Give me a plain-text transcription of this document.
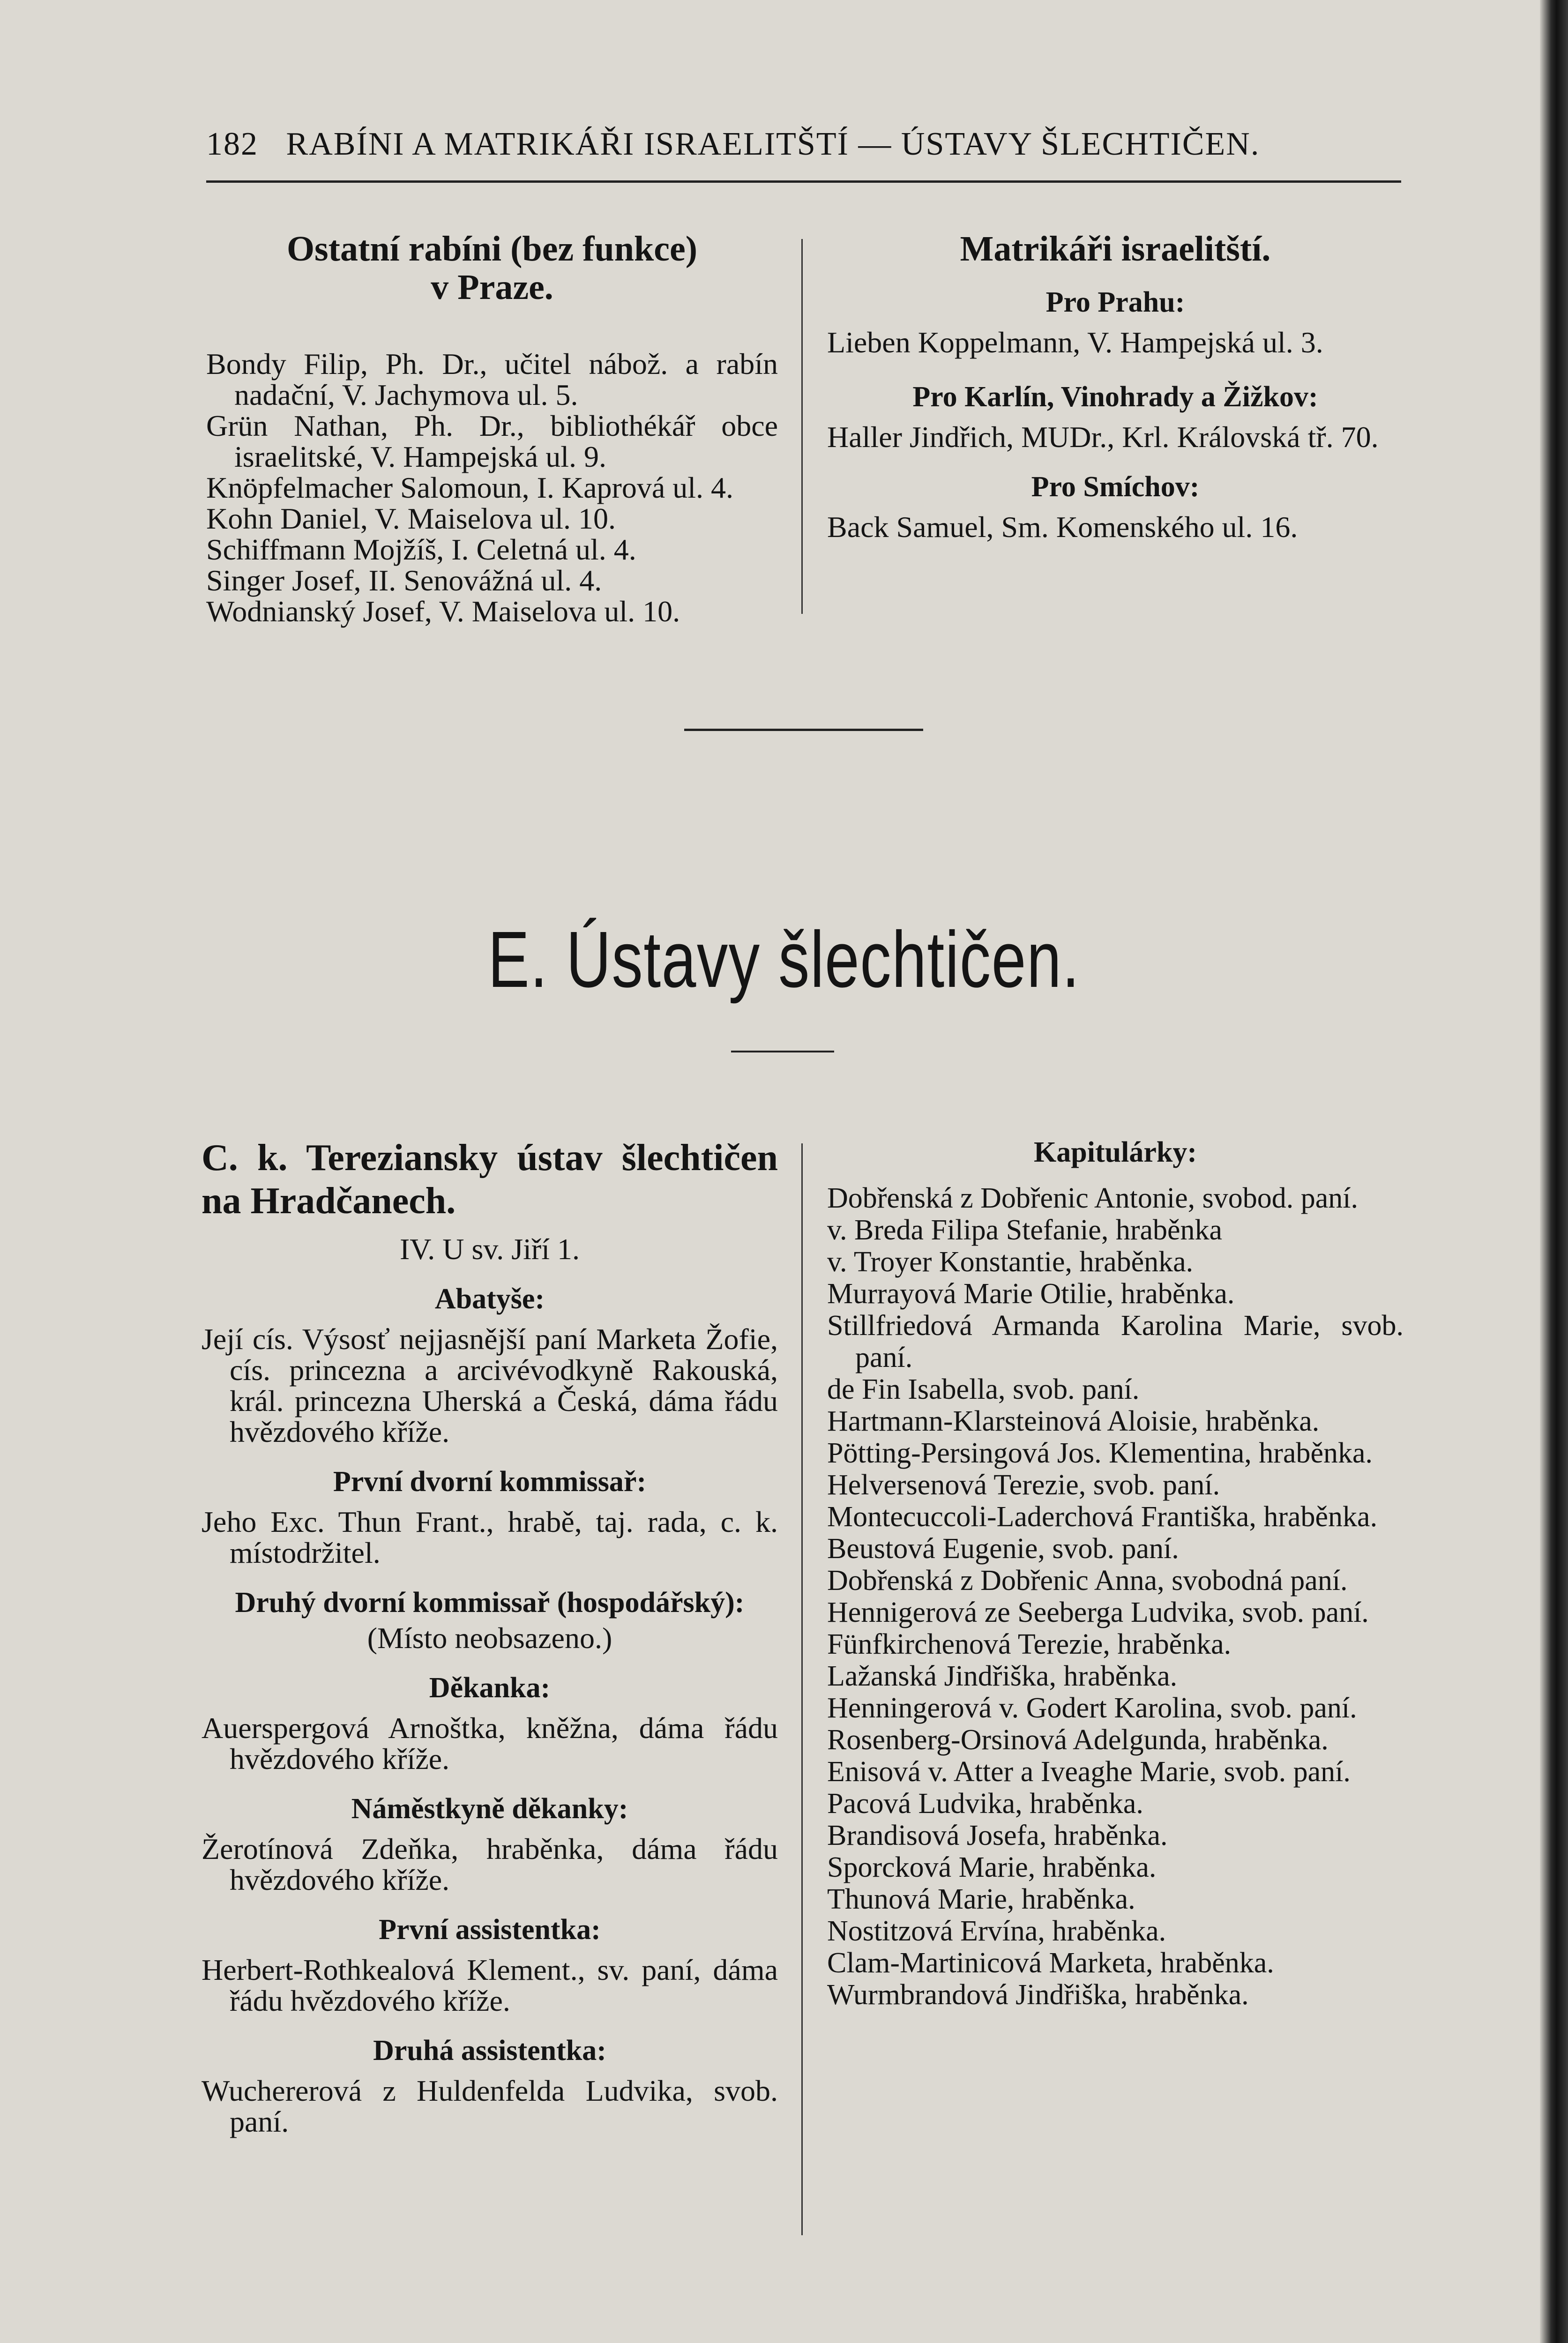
182 RABÍNI A MATRIKÁŘI ISRAELITŠTÍ — ÚSTAVY ŠLECHTIČEN.

Ostatní rabíni (bez funkce)

v Praze.

Bondy Filip, Ph. Dr., učitel nábož. a rabín nadační, V. Jachymova ul. 5.

Grün Nathan, Ph. Dr., bibliothékář obce israelitské, V. Hampejská ul. 9.

Knöpfelmacher Salomoun, I. Kaprová ul. 4.

Kohn Daniel, V. Maiselova ul. 10.

Schiffmann Mojžíš, I. Celetná ul. 4.

Singer Josef, II. Senovážná ul. 4.

Wodnianský Josef, V. Maiselova ul. 10.

Matrikáři israelitští.

Pro Prahu:

Lieben Koppelmann, V. Hampejská ul. 3.

Pro Karlín, Vinohrady a Žižkov:

Haller Jindřich, MUDr., Krl. Královská tř. 70.

Pro Smíchov:

Back Samuel, Sm. Komenského ul. 16.

E. Ústavy šlechtičen.

C. k. Tereziansky ústav šlechtičen na Hradčanech.

IV. U sv. Jiří 1.

Abatyše:

Její cís. Výsosť nejjasnější paní Marketa Žofie, cís. princezna a arcivévodkyně Rakouská, král. princezna Uherská a Česká, dáma řádu hvězdového kříže.

První dvorní kommissař:

Jeho Exc. Thun Frant., hrabě, taj. rada, c. k. místodržitel.

Druhý dvorní kommissař (hospodářský):

(Místo neobsazeno.)

Děkanka:

Auerspergová Arnoštka, kněžna, dáma řádu hvězdového kříže.

Náměstkyně děkanky:

Žerotínová Zdeňka, hraběnka, dáma řádu hvězdového kříže.

První assistentka:

Herbert-Rothkealová Klement., sv. paní, dáma řádu hvězdového kříže.

Druhá assistentka:

Wuchererová z Huldenfelda Ludvika, svob. paní.

Kapitulárky:

Dobřenská z Dobřenic Antonie, svobod. paní.

v. Breda Filipa Stefanie, hraběnka

v. Troyer Konstantie, hraběnka.

Murrayová Marie Otilie, hraběnka.

Stillfriedová Armanda Karolina Marie, svob. paní.

de Fin Isabella, svob. paní.

Hartmann-Klarsteinová Aloisie, hraběnka.

Pötting-Persingová Jos. Klementina, hraběnka.

Helversenová Terezie, svob. paní.

Montecuccoli-Laderchová Františka, hraběnka.

Beustová Eugenie, svob. paní.

Dobřenská z Dobřenic Anna, svobodná paní.

Hennigerová ze Seeberga Ludvika, svob. paní.

Fünfkirchenová Terezie, hraběnka.

Lažanská Jindřiška, hraběnka.

Henningerová v. Godert Karolina, svob. paní.

Rosenberg-Orsinová Adelgunda, hraběnka.

Enisová v. Atter a Iveaghe Marie, svob. paní.

Pacová Ludvika, hraběnka.

Brandisová Josefa, hraběnka.

Sporcková Marie, hraběnka.

Thunová Marie, hraběnka.

Nostitzová Ervína, hraběnka.

Clam-Martinicová Marketa, hraběnka.

Wurmbrandová Jindřiška, hraběnka.
